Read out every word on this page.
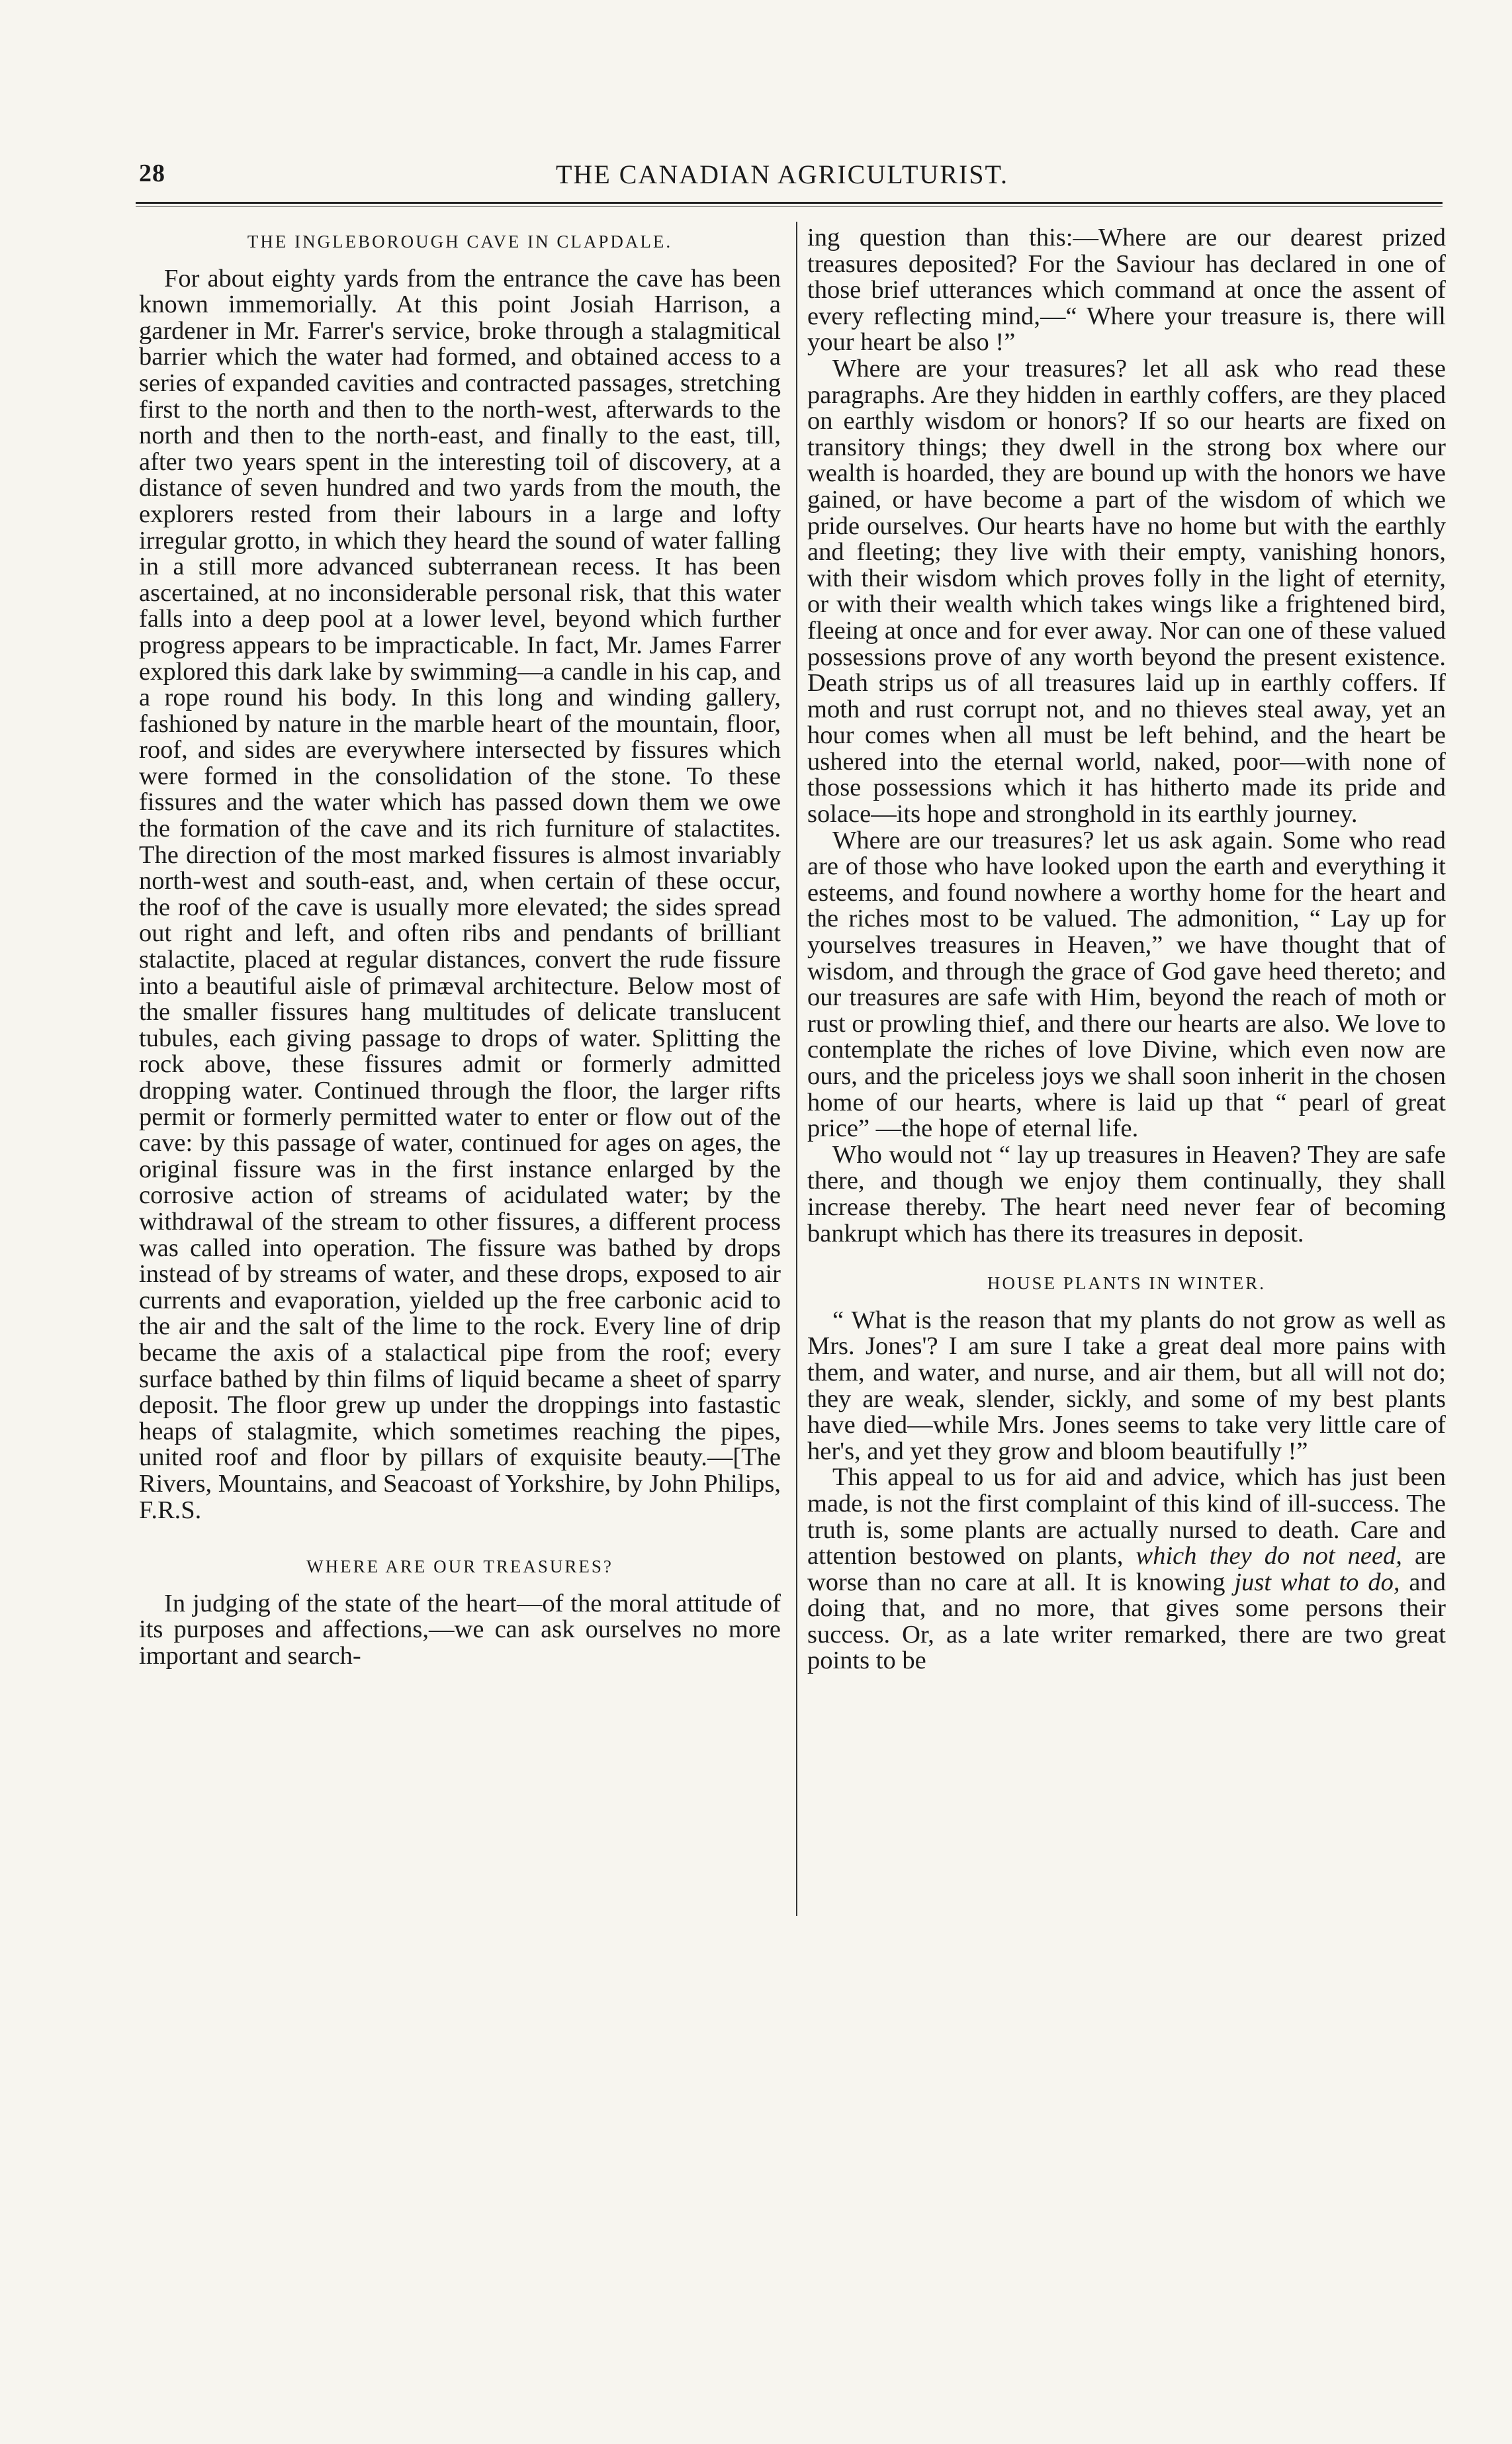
28	THE CANADIAN AGRICULTURIST.
THE INGLEBOROUGH CAVE IN CLAPDALE.

For about eighty yards from the entrance the cave has been known immemorially. At this point Josiah Harrison, a gardener in Mr. Farrer's service, broke through a stalagmitical barrier which the water had formed, and obtained access to a series of expanded cavities and contracted passages, stretching first to the north and then to the north-west, afterwards to the north and then to the north-east, and finally to the east, till, after two years spent in the interesting toil of discovery, at a distance of seven hundred and two yards from the mouth, the explorers rested from their labours in a large and lofty irregular grotto, in which they heard the sound of water falling in a still more advanced subterranean recess. It has been ascertained, at no inconsiderable personal risk, that this water falls into a deep pool at a lower level, beyond which further progress appears to be impracticable. In fact, Mr. James Farrer explored this dark lake by swimming—a candle in his cap, and a rope round his body. In this long and winding gallery, fashioned by nature in the marble heart of the mountain, floor, roof, and sides are everywhere intersected by fissures which were formed in the consolidation of the stone. To these fissures and the water which has passed down them we owe the formation of the cave and its rich furniture of stalactites. The direction of the most marked fissures is almost invariably north-west and south-east, and, when certain of these occur, the roof of the cave is usually more elevated; the sides spread out right and left, and often ribs and pendants of brilliant stalactite, placed at regular distances, convert the rude fissure into a beautiful aisle of primæval architecture. Below most of the smaller fissures hang multitudes of delicate translucent tubules, each giving passage to drops of water. Splitting the rock above, these fissures admit or formerly admitted dropping water. Continued through the floor, the larger rifts permit or formerly permitted water to enter or flow out of the cave: by this passage of water, continued for ages on ages, the original fissure was in the first instance enlarged by the corrosive action of streams of acidulated water; by the withdrawal of the stream to other fissures, a different process was called into operation. The fissure was bathed by drops instead of by streams of water, and these drops, exposed to air currents and evaporation, yielded up the free carbonic acid to the air and the salt of the lime to the rock. Every line of drip became the axis of a stalactical pipe from the roof; every surface bathed by thin films of liquid became a sheet of sparry deposit. The floor grew up under the droppings into fastastic heaps of stalagmite, which sometimes reaching the pipes, united roof and floor by pillars of exquisite beauty.—[The Rivers, Mountains, and Seacoast of Yorkshire, by John Philips, F.R.S.

WHERE ARE OUR TREASURES?

In judging of the state of the heart—of the moral attitude of its purposes and affections,—we can ask ourselves no more important and search-

ing question than this:—Where are our dearest prized treasures deposited? For the Saviour has declared in one of those brief utterances which command at once the assent of every reflecting mind,—“ Where your treasure is, there will your heart be also !”

Where are your treasures? let all ask who read these paragraphs. Are they hidden in earthly coffers, are they placed on earthly wisdom or honors? If so our hearts are fixed on transitory things; they dwell in the strong box where our wealth is hoarded, they are bound up with the honors we have gained, or have become a part of the wisdom of which we pride ourselves. Our hearts have no home but with the earthly and fleeting; they live with their empty, vanishing honors, with their wisdom which proves folly in the light of eternity, or with their wealth which takes wings like a frightened bird, fleeing at once and for ever away. Nor can one of these valued possessions prove of any worth beyond the present existence. Death strips us of all treasures laid up in earthly coffers. If moth and rust corrupt not, and no thieves steal away, yet an hour comes when all must be left behind, and the heart be ushered into the eternal world, naked, poor—with none of those possessions which it has hitherto made its pride and solace—its hope and stronghold in its earthly journey.

Where are our treasures? let us ask again. Some who read are of those who have looked upon the earth and everything it esteems, and found nowhere a worthy home for the heart and the riches most to be valued. The admonition, “ Lay up for yourselves treasures in Heaven,” we have thought that of wisdom, and through the grace of God gave heed thereto; and our treasures are safe with Him, beyond the reach of moth or rust or prowling thief, and there our hearts are also. We love to contemplate the riches of love Divine, which even now are ours, and the priceless joys we shall soon inherit in the chosen home of our hearts, where is laid up that “ pearl of great price” —the hope of eternal life.

Who would not “ lay up treasures in Heaven? They are safe there, and though we enjoy them continually, they shall increase thereby. The heart need never fear of becoming bankrupt which has there its treasures in deposit.

HOUSE PLANTS IN WINTER.

“ What is the reason that my plants do not grow as well as Mrs. Jones'? I am sure I take a great deal more pains with them, and water, and nurse, and air them, but all will not do; they are weak, slender, sickly, and some of my best plants have died—while Mrs. Jones seems to take very little care of her's, and yet they grow and bloom beautifully !”

This appeal to us for aid and advice, which has just been made, is not the first complaint of this kind of ill-success. The truth is, some plants are actually nursed to death. Care and attention bestowed on plants, which they do not need, are worse than no care at all. It is knowing just what to do, and doing that, and no more, that gives some persons their success. Or, as a late writer remarked, there are two great points to be
